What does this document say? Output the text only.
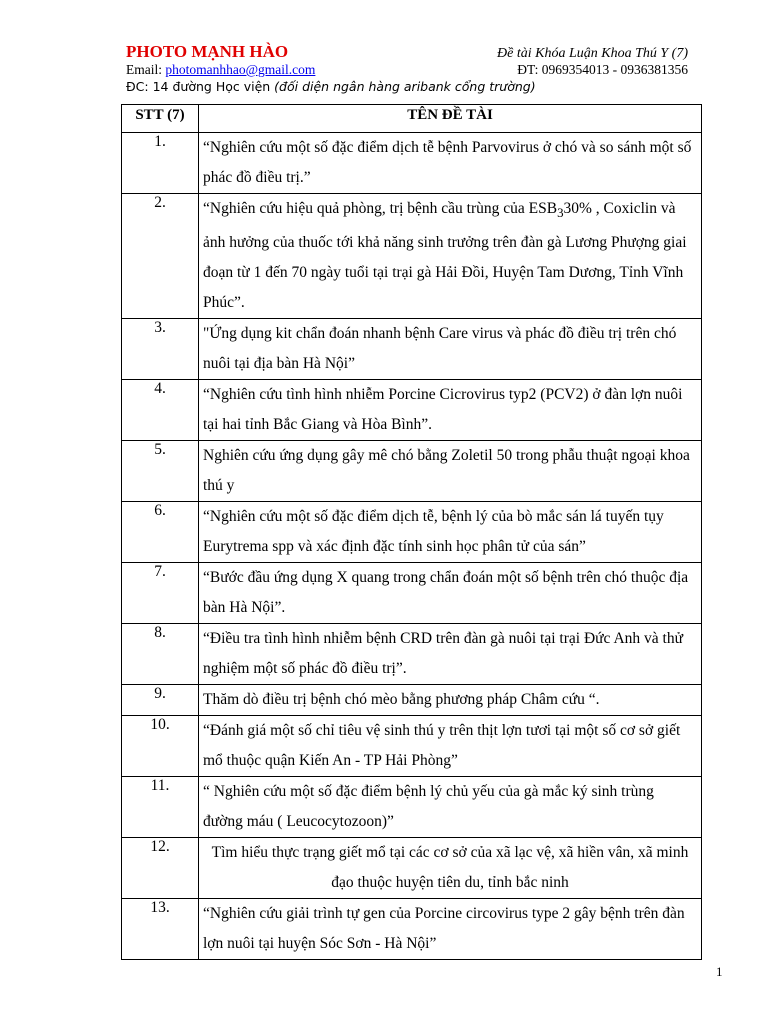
PHOTO MẠNH HÀO	Đề tài Khóa Luận Khoa Thú Y (7)
Email: photomanhhao@gmail.com	ĐT: 0969354013 - 0936381356
ĐC: 14 đường Học viện (đối diện ngân hàng aribank cổng trường)
STT (7)	TÊN ĐỀ TÀI
1.	“Nghiên cứu một số đặc điểm dịch tễ bệnh Parvovirus ở chó và so sánh một số phác đồ điều trị.”
2.	“Nghiên cứu hiệu quả phòng, trị bệnh cầu trùng của $ESB_330\%$ , Coxiclin và ảnh hưởng của thuốc tới khả năng sinh trưởng trên đàn gà Lương Phượng giai đoạn từ 1 đến 70 ngày tuổi tại trại gà Hải Đồi, Huyện Tam Dương, Tỉnh Vĩnh Phúc”.
3.	"Ứng dụng kit chẩn đoán nhanh bệnh Care virus và phác đồ điều trị trên chó nuôi tại địa bàn Hà Nội”
4.	“Nghiên cứu tình hình nhiễm Porcine Cicrovirus typ2 (PCV2) ở đàn lợn nuôi tại hai tỉnh Bắc Giang và Hòa Bình”.
5.	Nghiên cứu ứng dụng gây mê chó bằng Zoletil 50 trong phẫu thuật ngoại khoa thú y
6.	“Nghiên cứu một số đặc điểm dịch tễ, bệnh lý của bò mắc sán lá tuyến tụy Eurytrema spp và xác định đặc tính sinh học phân tử của sán”
7.	“Bước đầu ứng dụng X quang trong chẩn đoán một số bệnh trên chó thuộc địa bàn Hà Nội”.
8.	“Điều tra tình hình nhiễm bệnh CRD trên đàn gà nuôi tại trại Đức Anh và thử nghiệm một số phác đồ điều trị”.
9.	Thăm dò điều trị bệnh chó mèo bằng phương pháp Châm cứu “.
10.	“Đánh giá một số chỉ tiêu vệ sinh thú y trên thịt lợn tươi tại một số cơ sở giết mổ thuộc quận Kiến An - TP Hải Phòng”
11.	“ Nghiên cứu một số đặc điểm bệnh lý chủ yếu của gà mắc ký sinh trùng đường máu ( Leucocytozoon)”
12.	Tìm hiểu thực trạng giết mổ tại các cơ sở của xã lạc vệ, xã hiền vân, xã minh đạo thuộc huyện tiên du, tỉnh bắc ninh
13.	“Nghiên cứu giải trình tự gen của Porcine circovirus type 2 gây bệnh trên đàn lợn nuôi tại huyện Sóc Sơn - Hà Nội”
1
